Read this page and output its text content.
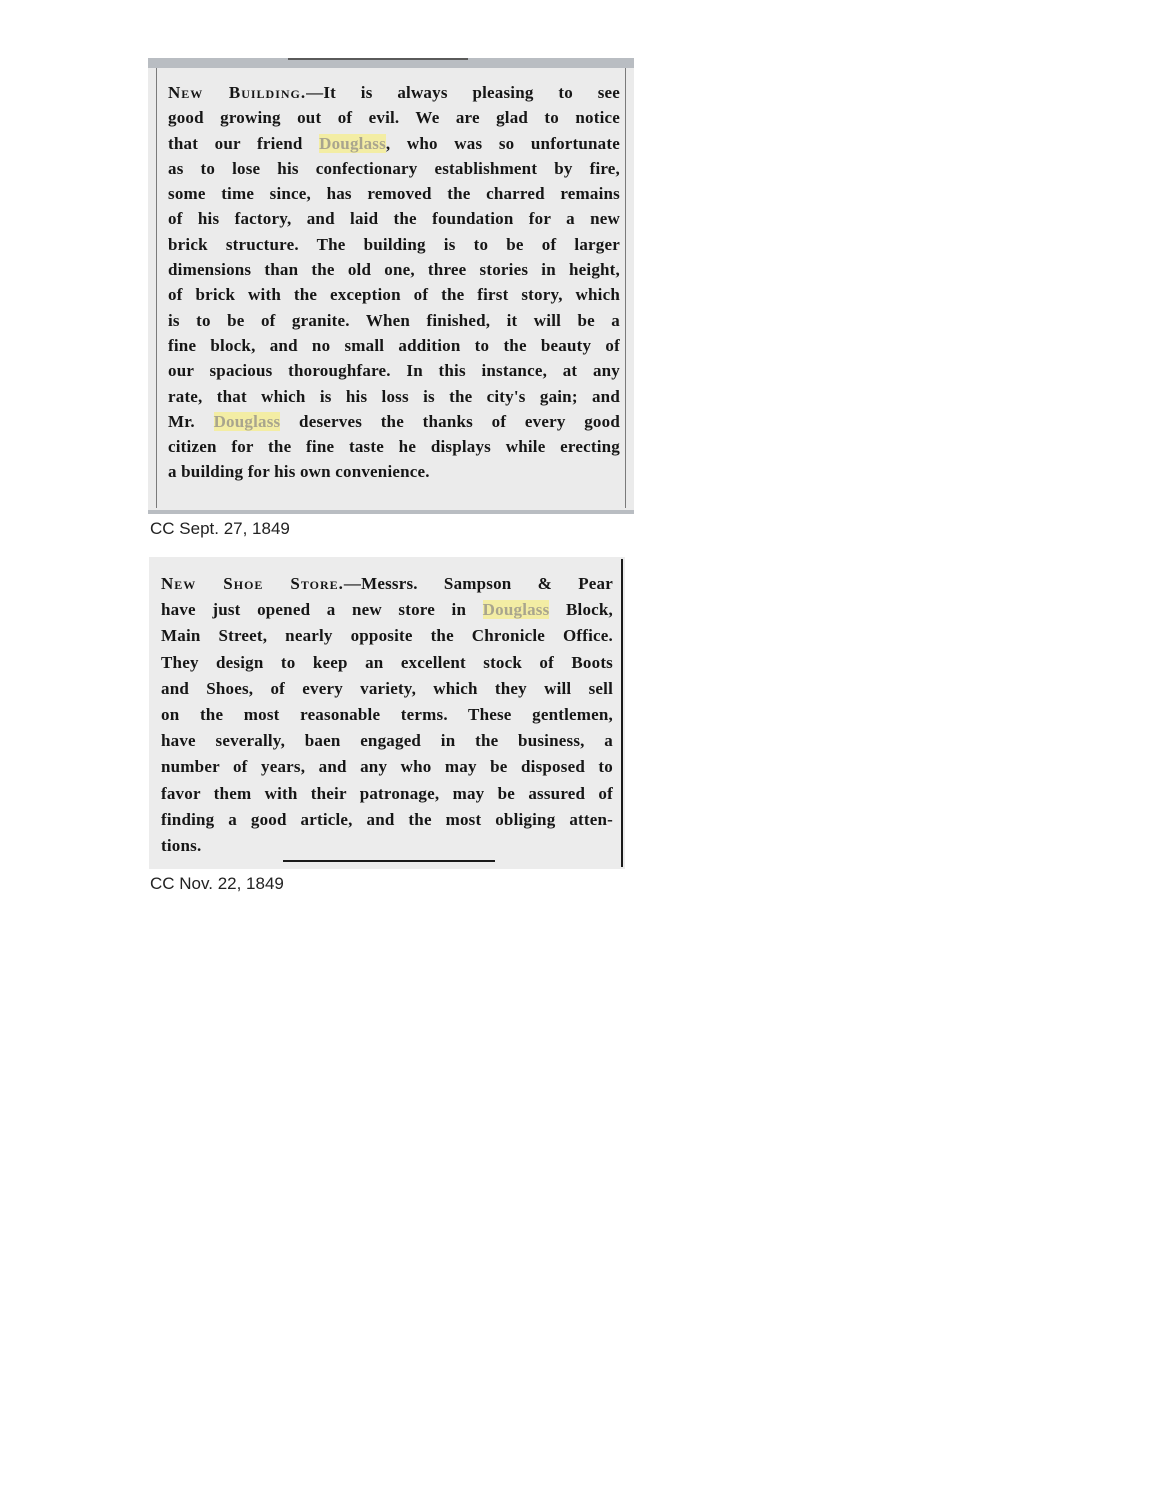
New Building.—It is always pleasing to see
good growing out of evil. We are glad to notice
that our friend Douglass, who was so unfortunate
as to lose his confectionary establishment by fire,
some time since, has removed the charred remains
of his factory, and laid the foundation for a new
brick structure. The building is to be of larger
dimensions than the old one, three stories in height,
of brick with the exception of the first story, which
is to be of granite. When finished, it will be a
fine block, and no small addition to the beauty of
our spacious thoroughfare. In this instance, at any
rate, that which is his loss is the city's gain; and
Mr. Douglass deserves the thanks of every good
citizen for the fine taste he displays while erecting
a building for his own convenience.
CC Sept. 27, 1849
New Shoe Store.—Messrs. Sampson & Pear
have just opened a new store in Douglass Block,
Main Street, nearly opposite the Chronicle Office.
They design to keep an excellent stock of Boots
and Shoes, of every variety, which they will sell
on the most reasonable terms. These gentlemen,
have severally, baen engaged in the business, a
number of years, and any who may be disposed to
favor them with their patronage, may be assured of
finding a good article, and the most obliging atten-
tions.
CC Nov. 22, 1849
